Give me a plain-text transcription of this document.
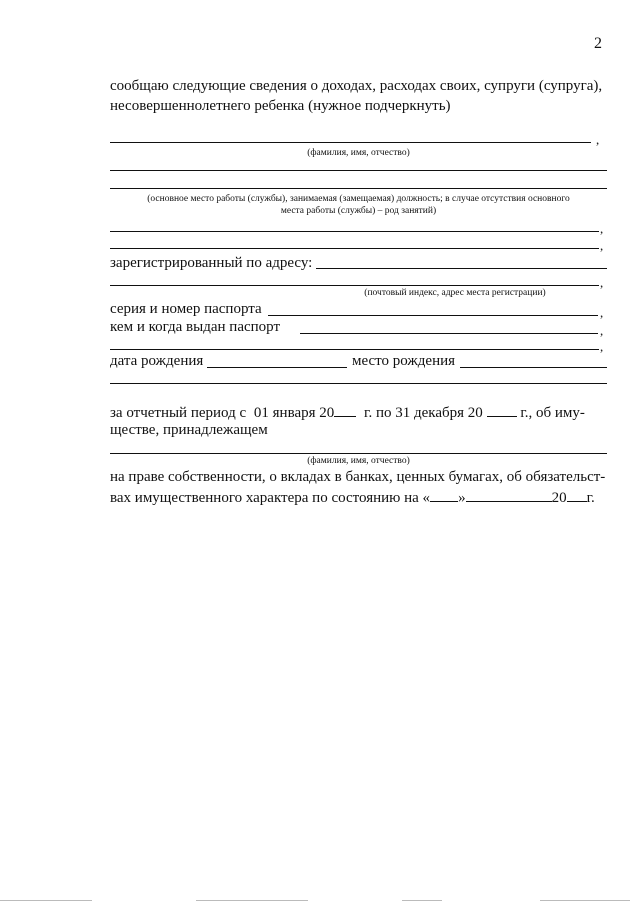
2
сообщаю следующие сведения о доходах, расходах своих, супруги (супруга),
несовершеннолетнего ребенка (нужное подчеркнуть)
,
(фамилия, имя, отчество)
(основное место работы (службы), занимаемая (замещаемая) должность; в случае отсутствия основного
места работы (службы) – род занятий)
,
,
зарегистрированный по адресу:
,
(почтовый индекс, адрес места регистрации)
серия и номер паспорта	,
кем и когда выдан паспорт	,
,
дата рождения	место рождения
за отчетный период с 01 января 20 г. по 31 декабря 20	г., об иму-
ществе, принадлежащем
(фамилия, имя, отчество)
на праве собственности, о вкладах в банках, ценных бумагах, об обязательст-
вах имущественного характера по состоянию на « »	20 г.
